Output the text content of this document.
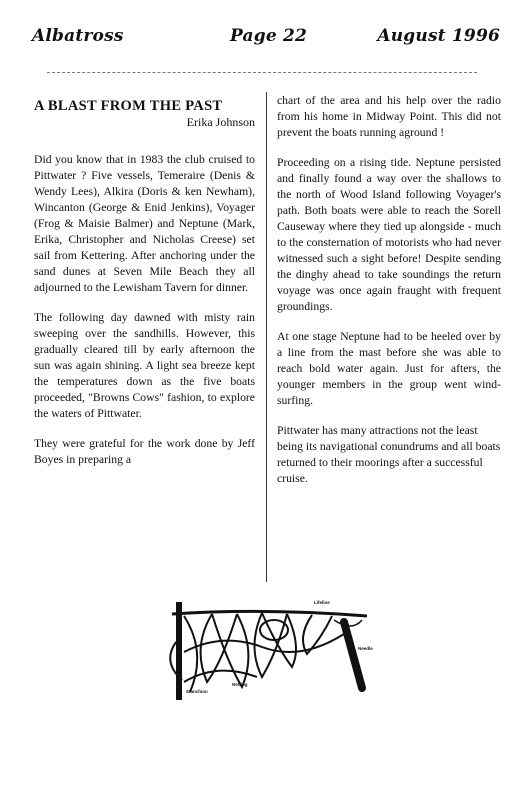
Albatross	Page 22	August 1996
A BLAST FROM THE PAST
Erika Johnson

Did you know that in 1983 the club cruised to Pittwater ? Five vessels, Temeraire (Denis & Wendy Lees), Alkira (Doris & ken Newham), Wincanton (George & Enid Jenkins), Voyager (Frog & Maisie Balmer) and Neptune (Mark, Erika, Christopher and Nicholas Creese) set sail from Kettering. After anchoring under the sand dunes at Seven Mile Beach they all adjourned to the Lewisham Tavern for dinner.

The following day dawned with misty rain sweeping over the sandhills. However, this gradually cleared till by early afternoon the sun was again shining. A light sea breeze kept the temperatures down as the five boats proceeded, "Browns Cows" fashion, to explore the waters of Pittwater.

They were grateful for the work done by Jeff Boyes in preparing a

chart of the area and his help over the radio from his home in Midway Point. This did not prevent the boats running aground !

Proceeding on a rising tide. Neptune persisted and finally found a way over the shallows to the north of Wood Island following Voyager's path. Both boats were able to reach the Sorell Causeway where they tied up alongside - much to the consternation of motorists who had never witnessed such a sight before! Despite sending the dinghy ahead to take soundings the return voyage was once again fraught with frequent groundings.

At one stage Neptune had to be heeled over by a line from the mast before she was able to reach bold water again. Just for afters, the younger members in the group went wind-surfing.

Pittwater has many attractions not the least being its navigational conundrums and all boats returned to their moorings after a successful cruise.

Lifeline
Needle
Netting
Stanchion
